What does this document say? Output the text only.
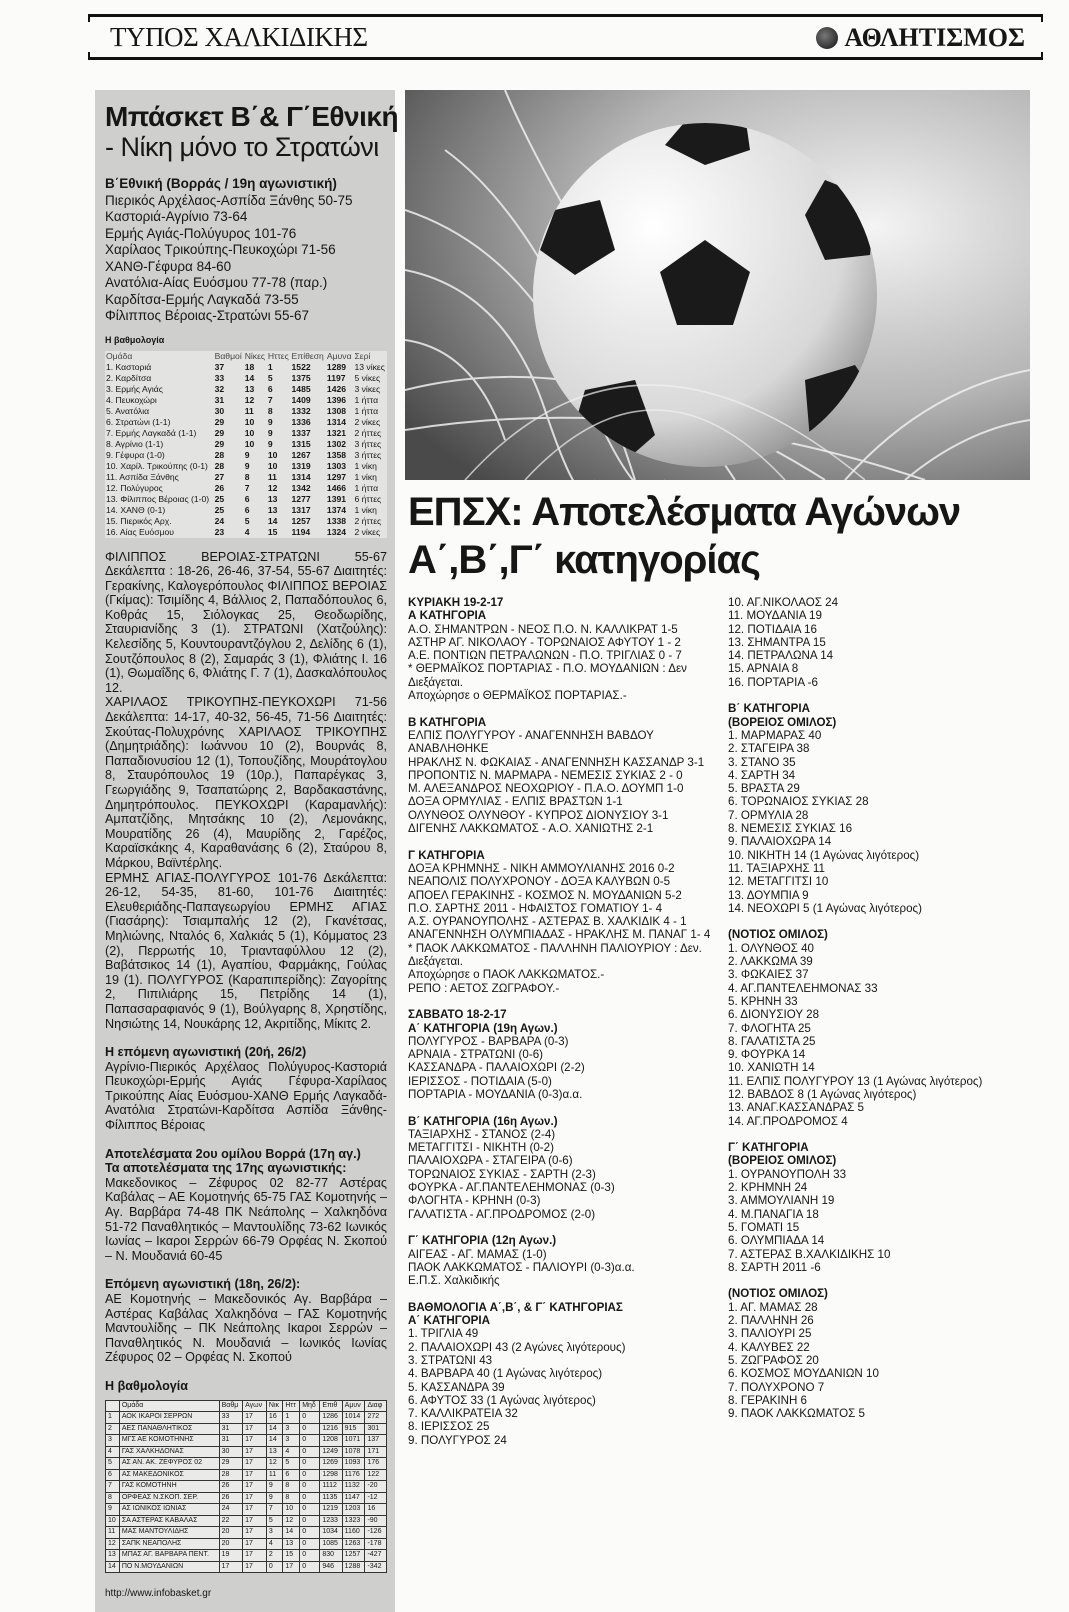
ΤΥΠΟΣ ΧΑΛΚΙΔΙΚΗΣ	ΑΘΛΗΤΙΣΜΟΣ
Μπάσκετ Β΄& Γ΄Εθνική
- Νίκη μόνο το Στρατώνι
Β΄Εθνική (Βορράς / 19η αγωνιστική)
Πιερικός Αρχέλαος-Ασπίδα Ξάνθης 50-75
Καστοριά-Αγρίνιο 73-64
Ερμής Αγιάς-Πολύγυρος 101-76
Χαρίλαος Τρικούπης-Πευκοχώρι 71-56
ΧΑΝΘ-Γέφυρα 84-60
Ανατόλια-Αίας Ευόσμου 77-78 (παρ.)
Καρδίτσα-Ερμής Λαγκαδά 73-55
Φίλιππος Βέροιας-Στρατώνι 55-67
Η βαθμολογία
Ομάδα	Βαθμοί	Νίκες	Ηττες	Επίθεση	Αμυνα	Σερί
1. Καστοριά	37	18	1	1522	1289	13 νίκες
2. Καρδίτσα	33	14	5	1375	1197	5 νίκες
3. Ερμής Αγιάς	32	13	6	1485	1426	3 νίκες
4. Πευκοχώρι	31	12	7	1409	1396	1 ήττα
5. Ανατόλια	30	11	8	1332	1308	1 ήττα
6. Στρατώνι (1-1)	29	10	9	1336	1314	2 νίκες
7. Ερμής Λαγκαδά (1-1)	29	10	9	1337	1321	2 ήττες
8. Αγρίνιο (1-1)	29	10	9	1315	1302	3 ήττες
9. Γέφυρα (1-0)	28	9	10	1267	1358	3 ήττες
10. Χαρίλ. Τρικούπης (0-1)	28	9	10	1319	1303	1 νίκη
11. Ασπίδα Ξάνθης	27	8	11	1314	1297	1 νίκη
12. Πολύγυρος	26	7	12	1342	1466	1 ήττα
13. Φίλιππος Βέροιας (1-0)	25	6	13	1277	1391	6 ήττες
14. ΧΑΝΘ (0-1)	25	6	13	1317	1374	1 νίκη
15. Πιερικός Αρχ.	24	5	14	1257	1338	2 ήττες
16. Αίας Ευόσμου	23	4	15	1194	1324	2 νίκες

ΦΙΛΙΠΠΟΣ ΒΕΡΟΙΑΣ-ΣΤΡΑΤΩΝΙ 55-67 Δεκάλεπτα : 18-26, 26-46, 37-54, 55-67 Διαιτητές: Γερακίνης, Καλογερόπουλος ΦΙΛΙΠΠΟΣ ΒΕΡΟΙΑΣ (Γκίμας): Τσιμίδης 4, Βάλλιος 2, Παπαδόπουλος 6, Κοθράς 15, Σιόλογκας 25, Θεοδωρίδης, Σταυριανίδης 3 (1). ΣΤΡΑΤΩΝΙ (Χατζούλης): Κελεσίδης 5, Κουντουραντζόγλου 2, Δελίδης 6 (1), Σουτζόπουλος 8 (2), Σαμαράς 3 (1), Φλιάτης Ι. 16 (1), Θωμαΐδης 6, Φλιάτης Γ. 7 (1), Δασκαλόπουλος 12.

ΧΑΡΙΛΑΟΣ ΤΡΙΚΟΥΠΗΣ-ΠΕΥΚΟΧΩΡΙ 71-56 Δεκάλεπτα: 14-17, 40-32, 56-45, 71-56 Διαιτητές: Σκούτας-Πολυχρόνης ΧΑΡΙΛΑΟΣ ΤΡΙΚΟΥΠΗΣ (Δημητριάδης): Ιωάννου 10 (2), Βουρνάς 8, Παπαδιονυσίου 12 (1), Τοπουζίδης, Μουράτογλου 8, Σταυρόπουλος 19 (10ρ.), Παπαρέγκας 3, Γεωργιάδης 9, Τσαπατώρης 2, Βαρδακαστάνης, Δημητρόπουλος. ΠΕΥΚΟΧΩΡΙ (Καραμανλής): Αμπατζίδης, Μητσάκης 10 (2), Λεμονάκης, Μουρατίδης 26 (4), Μαυρίδης 2, Γαρέζος, Καραϊσκάκης 4, Καραθανάσης 6 (2), Σταύρου 8, Μάρκου, Βαϊντέρλης.

ΕΡΜΗΣ ΑΓΙΑΣ-ΠΟΛΥΓΥΡΟΣ 101-76 Δεκάλεπτα: 26-12, 54-35, 81-60, 101-76 Διαιτητές: Ελευθεριάδης-Παπαγεωργίου ΕΡΜΗΣ ΑΓΙΑΣ (Γιασάρης): Τσιαμπαλής 12 (2), Γκανέτσας, Μηλιώνης, Νταλός 6, Χαλκιάς 5 (1), Κόμματος 23 (2), Περρωτής 10, Τριανταφύλλου 12 (2), Βαβάτσικος 14 (1), Αγαπίου, Φαρμάκης, Γούλας 19 (1). ΠΟΛΥΓΥΡΟΣ (Καραπιπερίδης): Ζαγορίτης 2, Πιπιλιάρης 15, Πετρίδης 14 (1), Παπασαραφιανός 9 (1), Βούλγαρης 8, Χρηστίδης, Νησιώτης 14, Νουκάρης 12, Ακριτίδης, Μίκιτς 2.

Η επόμενη αγωνιστική (20ή, 26/2)
Αγρίνιο-Πιερικός Αρχέλαος Πολύγυρος-Καστοριά Πευκοχώρι-Ερμής Αγιάς Γέφυρα-Χαρίλαος Τρικούπης Αίας Ευόσμου-ΧΑΝΘ Ερμής Λαγκαδά-Ανατόλια Στρατώνι-Καρδίτσα Ασπίδα Ξάνθης-Φίλιππος Βέροιας
Αποτελέσματα 2ου ομίλου Βορρά (17η αγ.)
Τα αποτελέσματα της 17ης αγωνιστικής:
Μακεδονικος – Ζέφυρος 02 82-77 Αστέρας Καβάλας – ΑΕ Κομοτηνής 65-75 ΓΑΣ Κομοτηνής – Αγ. Βαρβάρα 74-48 ΠΚ Νεάπολης – Χαλκηδόνα 51-72 Παναθλητικός – Μαντουλίδης 73-62 Ιωνικός Ιωνίας – Ικαροι Σερρών 66-79 Ορφέας Ν. Σκοπού – Ν. Μουδανιά 60-45
Επόμενη αγωνιστική (18η, 26/2):
ΑΕ Κομοτηνής – Μακεδονικός Αγ. Βαρβάρα – Αστέρας Καβάλας Χαλκηδόνα – ΓΑΣ Κομοτηνής Μαντουλίδης – ΠΚ Νεάπολης Ικαροι Σερρών – Παναθλητικός Ν. Μουδανιά – Ιωνικός Ιωνίας Ζέφυρος 02 – Ορφέας Ν. Σκοπού
Η βαθμολογία
	Ομάδα	Βαθμ	Αγων	Νικ	Ηττ	Μηδ	Επιθ	Αμυν	Διαφ
1	ΑΟΚ ΙΚΑΡΟΙ ΣΕΡΡΩΝ	33	17	16	1	0	1286	1014	272
2	ΑΕΣ ΠΑΝΑΘΛΗΤΙΚΟΣ	31	17	14	3	0	1216	915	301
3	ΜΓΣ ΑΕ ΚΟΜΟΤΗΝΗΣ	31	17	14	3	0	1208	1071	137
4	ΓΑΣ ΧΑΛΚΗΔΟΝΑΣ	30	17	13	4	0	1249	1078	171
5	ΑΣ ΑΝ. ΑΚ. ΖΕΦΥΡΟΣ 02	29	17	12	5	0	1269	1093	176
6	ΑΣ ΜΑΚΕΔΟΝΙΚΟΣ	28	17	11	6	0	1298	1176	122
7	ΓΑΣ ΚΟΜΟΤΗΝΗ	26	17	9	8	0	1112	1132	-20
8	ΟΡΦΕΑΣ Ν.ΣΚΟΠ. ΣΕΡ.	26	17	9	8	0	1135	1147	-12
9	ΑΣ ΙΩΝΙΚΟΣ ΙΩΝΙΑΣ	24	17	7	10	0	1219	1203	16
10	ΣΑ ΑΣΤΕΡΑΣ ΚΑΒΑΛΑΣ	22	17	5	12	0	1233	1323	-90
11	ΜΑΣ ΜΑΝΤΟΥΛΙΔΗΣ	20	17	3	14	0	1034	1160	-126
12	ΣΑΠΚ ΝΕΑΠΟΛΗΣ	20	17	4	13	0	1085	1263	-178
13	ΜΠΑΣ ΑΓ. ΒΑΡΒΑΡΑ ΠΕΝΤ.	19	17	2	15	0	830	1257	-427
14	ΠΟ Ν.ΜΟΥΔΑΝΙΩΝ	17	17	0	17	0	946	1288	-342
http://www.infobasket.gr
ΕΠΣΧ: Αποτελέσματα Αγώνων
Α΄,Β΄,Γ΄ κατηγορίας
ΚΥΡΙΑΚΗ 19-2-17
Α ΚΑΤΗΓΟΡΙΑ
Α.Ο. ΣΗΜΑΝΤΡΩΝ - ΝΕΟΣ Π.Ο. Ν. ΚΑΛΛΙΚΡΑΤ 1-5
ΑΣΤΗΡ ΑΓ. ΝΙΚΟΛΑΟΥ - ΤΟΡΩΝΑΙΟΣ ΑΦΥΤΟΥ 1 - 2
Α.Ε. ΠΟΝΤΙΩΝ ΠΕΤΡΑΛΩΝΩΝ - Π.Ο. ΤΡΙΓΛΙΑΣ 0 - 7
* ΘΕΡΜΑΪΚΟΣ ΠΟΡΤΑΡΙΑΣ - Π.Ο. ΜΟΥΔΑΝΙΩΝ : Δεν Διεξάγεται.
Αποχώρησε ο ΘΕΡΜΑΪΚΟΣ ΠΟΡΤΑΡΙΑΣ.-
Β ΚΑΤΗΓΟΡΙΑ
ΕΛΠΙΣ ΠΟΛΥΓΥΡΟΥ - ΑΝΑΓΕΝΝΗΣΗ ΒΑΒΔΟΥ ΑΝΑΒΛΗΘΗΚΕ
ΗΡΑΚΛΗΣ Ν. ΦΩΚΑΙΑΣ - ΑΝΑΓΕΝΝΗΣΗ ΚΑΣΣΑΝΔΡ 3-1
ΠΡΟΠΟΝΤΙΣ Ν. ΜΑΡΜΑΡΑ - ΝΕΜΕΣΙΣ ΣΥΚΙΑΣ 2 - 0
Μ. ΑΛΕΞΑΝΔΡΟΣ ΝΕΟΧΩΡΙΟΥ - Π.Α.Ο. ΔΟΥΜΠ 1-0
ΔΟΞΑ ΟΡΜΥΛΙΑΣ - ΕΛΠΙΣ ΒΡΑΣΤΩΝ 1-1
ΟΛΥΝΘΟΣ ΟΛΥΝΘΟΥ - ΚΥΠΡΟΣ ΔΙΟΝΥΣΙΟΥ 3-1
ΔΙΓΕΝΗΣ ΛΑΚΚΩΜΑΤΟΣ - Α.Ο. ΧΑΝΙΩΤΗΣ 2-1
Γ ΚΑΤΗΓΟΡΙΑ
ΔΟΞΑ ΚΡΗΜΝΗΣ - ΝΙΚΗ ΑΜΜΟΥΛΙΑΝΗΣ 2016 0-2
ΝΕΑΠΟΛΙΣ ΠΟΛΥΧΡΟΝΟΥ - ΔΟΞΑ ΚΑΛΥΒΩΝ 0-5
ΑΠΟΕΛ ΓΕΡΑΚΙΝΗΣ - ΚΟΣΜΟΣ Ν. ΜΟΥΔΑΝΙΩΝ 5-2
Π.Ο. ΣΑΡΤΗΣ 2011 - ΗΦΑΙΣΤΟΣ ΓΟΜΑΤΙΟΥ 1- 4
Α.Σ. ΟΥΡΑΝΟΥΠΟΛΗΣ - ΑΣΤΕΡΑΣ Β. ΧΑΛΚΙΔΙΚ 4 - 1
ΑΝΑΓΕΝΝΗΣΗ ΟΛΥΜΠΙΑΔΑΣ - ΗΡΑΚΛΗΣ Μ. ΠΑΝΑΓ 1- 4
* ΠΑΟΚ ΛΑΚΚΩΜΑΤΟΣ - ΠΑΛΛΗΝΗ ΠΑΛΙΟΥΡΙΟΥ : Δεν. Διεξάγεται.
Αποχώρησε ο ΠΑΟΚ ΛΑΚΚΩΜΑΤΟΣ.-
ΡΕΠΟ : ΑΕΤΟΣ ΖΩΓΡΑΦΟΥ.-
ΣΑΒΒΑΤΟ 18-2-17
Α΄ ΚΑΤΗΓΟΡΙΑ (19η Αγων.)
ΠΟΛΥΓΥΡΟΣ - ΒΑΡΒΑΡΑ (0-3)
ΑΡΝΑΙΑ - ΣΤΡΑΤΩΝΙ (0-6)
ΚΑΣΣΑΝΔΡΑ - ΠΑΛΑΙΟΧΩΡΙ (2-2)
ΙΕΡΙΣΣΟΣ - ΠΟΤΙΔΑΙΑ (5-0)
ΠΟΡΤΑΡΙΑ - ΜΟΥΔΑΝΙΑ (0-3)α.α.
Β΄ ΚΑΤΗΓΟΡΙΑ (16η Αγων.)
ΤΑΞΙΑΡΧΗΣ - ΣΤΑΝΟΣ (2-4)
ΜΕΤΑΓΓΙΤΣΙ - ΝΙΚΗΤΗ (0-2)
ΠΑΛΑΙΟΧΩΡΑ - ΣΤΑΓΕΙΡΑ (0-6)
ΤΟΡΩΝΑΙΟΣ ΣΥΚΙΑΣ - ΣΑΡΤΗ (2-3)
ΦΟΥΡΚΑ - ΑΓ.ΠΑΝΤΕΛΕΗΜΟΝΑΣ (0-3)
ΦΛΟΓΗΤΑ - ΚΡΗΝΗ (0-3)
ΓΑΛΑΤΙΣΤΑ - ΑΓ.ΠΡΟΔΡΟΜΟΣ (2-0)
Γ΄ ΚΑΤΗΓΟΡΙΑ (12η Αγων.)
ΑΙΓΕΑΣ - ΑΓ. ΜΑΜΑΣ (1-0)
ΠΑΟΚ ΛΑΚΚΩΜΑΤΟΣ - ΠΑΛΙΟΥΡΙ (0-3)α.α.
Ε.Π.Σ. Χαλκιδικής
ΒΑΘΜΟΛΟΓΙΑ Α΄,Β΄, & Γ΄ ΚΑΤΗΓΟΡΙΑΣ
Α΄ ΚΑΤΗΓΟΡΙΑ
1. ΤΡΙΓΛΙΑ 49
2. ΠΑΛΑΙΟΧΩΡΙ 43 (2 Αγώνες λιγότερους)
3. ΣΤΡΑΤΩΝΙ 43
4. ΒΑΡΒΑΡΑ 40 (1 Αγώνας λιγότερος)
5. ΚΑΣΣΑΝΔΡΑ 39
6. ΑΦΥΤΟΣ 33 (1 Αγώνας λιγότερος)
7. ΚΑΛΛΙΚΡΑΤΕΙΑ 32
8. ΙΕΡΙΣΣΟΣ 25
9. ΠΟΛΥΓΥΡΟΣ 24
10. ΑΓ.ΝΙΚΟΛΑΟΣ 24
11. ΜΟΥΔΑΝΙΑ 19
12. ΠΟΤΙΔΑΙΑ 16
13. ΣΗΜΑΝΤΡΑ 15
14. ΠΕΤΡΑΛΩΝΑ 14
15. ΑΡΝΑΙΑ 8
16. ΠΟΡΤΑΡΙΑ -6
Β΄ ΚΑΤΗΓΟΡΙΑ
(ΒΟΡΕΙΟΣ ΟΜΙΛΟΣ)
1. ΜΑΡΜΑΡΑΣ 40
2. ΣΤΑΓΕΙΡΑ 38
3. ΣΤΑΝΟ 35
4. ΣΑΡΤΗ 34
5. ΒΡΑΣΤΑ 29
6. ΤΟΡΩΝΑΙΟΣ ΣΥΚΙΑΣ 28
7. ΟΡΜΥΛΙΑ 28
8. ΝΕΜΕΣΙΣ ΣΥΚΙΑΣ 16
9. ΠΑΛΑΙΟΧΩΡΑ 14
10. ΝΙΚΗΤΗ 14 (1 Αγώνας λιγότερος)
11. ΤΑΞΙΑΡΧΗΣ 11
12. ΜΕΤΑΓΓΙΤΣΙ 10
13. ΔΟΥΜΠΙΑ 9
14. ΝΕΟΧΩΡΙ 5 (1 Αγώνας λιγότερος)
(ΝΟΤΙΟΣ ΟΜΙΛΟΣ)
1. ΟΛΥΝΘΟΣ 40
2. ΛΑΚΚΩΜΑ 39
3. ΦΩΚΑΙΕΣ 37
4. ΑΓ.ΠΑΝΤΕΛΕΗΜΟΝΑΣ 33
5. ΚΡΗΝΗ 33
6. ΔΙΟΝΥΣΙΟΥ 28
7. ΦΛΟΓΗΤΑ 25
8. ΓΑΛΑΤΙΣΤΑ 25
9. ΦΟΥΡΚΑ 14
10. ΧΑΝΙΩΤΗ 14
11. ΕΛΠΙΣ ΠΟΛΥΓΥΡΟΥ 13 (1 Αγώνας λιγότερος)
12. ΒΑΒΔΟΣ 8 (1 Αγώνας λιγότερος)
13. ΑΝΑΓ.ΚΑΣΣΑΝΔΡΑΣ 5
14. ΑΓ.ΠΡΟΔΡΟΜΟΣ 4
Γ΄ ΚΑΤΗΓΟΡΙΑ
(ΒΟΡΕΙΟΣ ΟΜΙΛΟΣ)
1. ΟΥΡΑΝΟΥΠΟΛΗ 33
2. ΚΡΗΜΝΗ 24
3. ΑΜΜΟΥΛΙΑΝΗ 19
4. Μ.ΠΑΝΑΓΙΑ 18
5. ΓΟΜΑΤΙ 15
6. ΟΛΥΜΠΙΑΔΑ 14
7. ΑΣΤΕΡΑΣ Β.ΧΑΛΚΙΔΙΚΗΣ 10
8. ΣΑΡΤΗ 2011 -6
(ΝΟΤΙΟΣ ΟΜΙΛΟΣ)
1. ΑΓ. ΜΑΜΑΣ 28
2. ΠΑΛΛΗΝΗ 26
3. ΠΑΛΙΟΥΡΙ 25
4. ΚΑΛΥΒΕΣ 22
5. ΖΩΓΡΑΦΟΣ 20
6. ΚΟΣΜΟΣ ΜΟΥΔΑΝΙΩΝ 10
7. ΠΟΛΥΧΡΟΝΟ 7
8. ΓΕΡΑΚΙΝΗ 6
9. ΠΑΟΚ ΛΑΚΚΩΜΑΤΟΣ 5
